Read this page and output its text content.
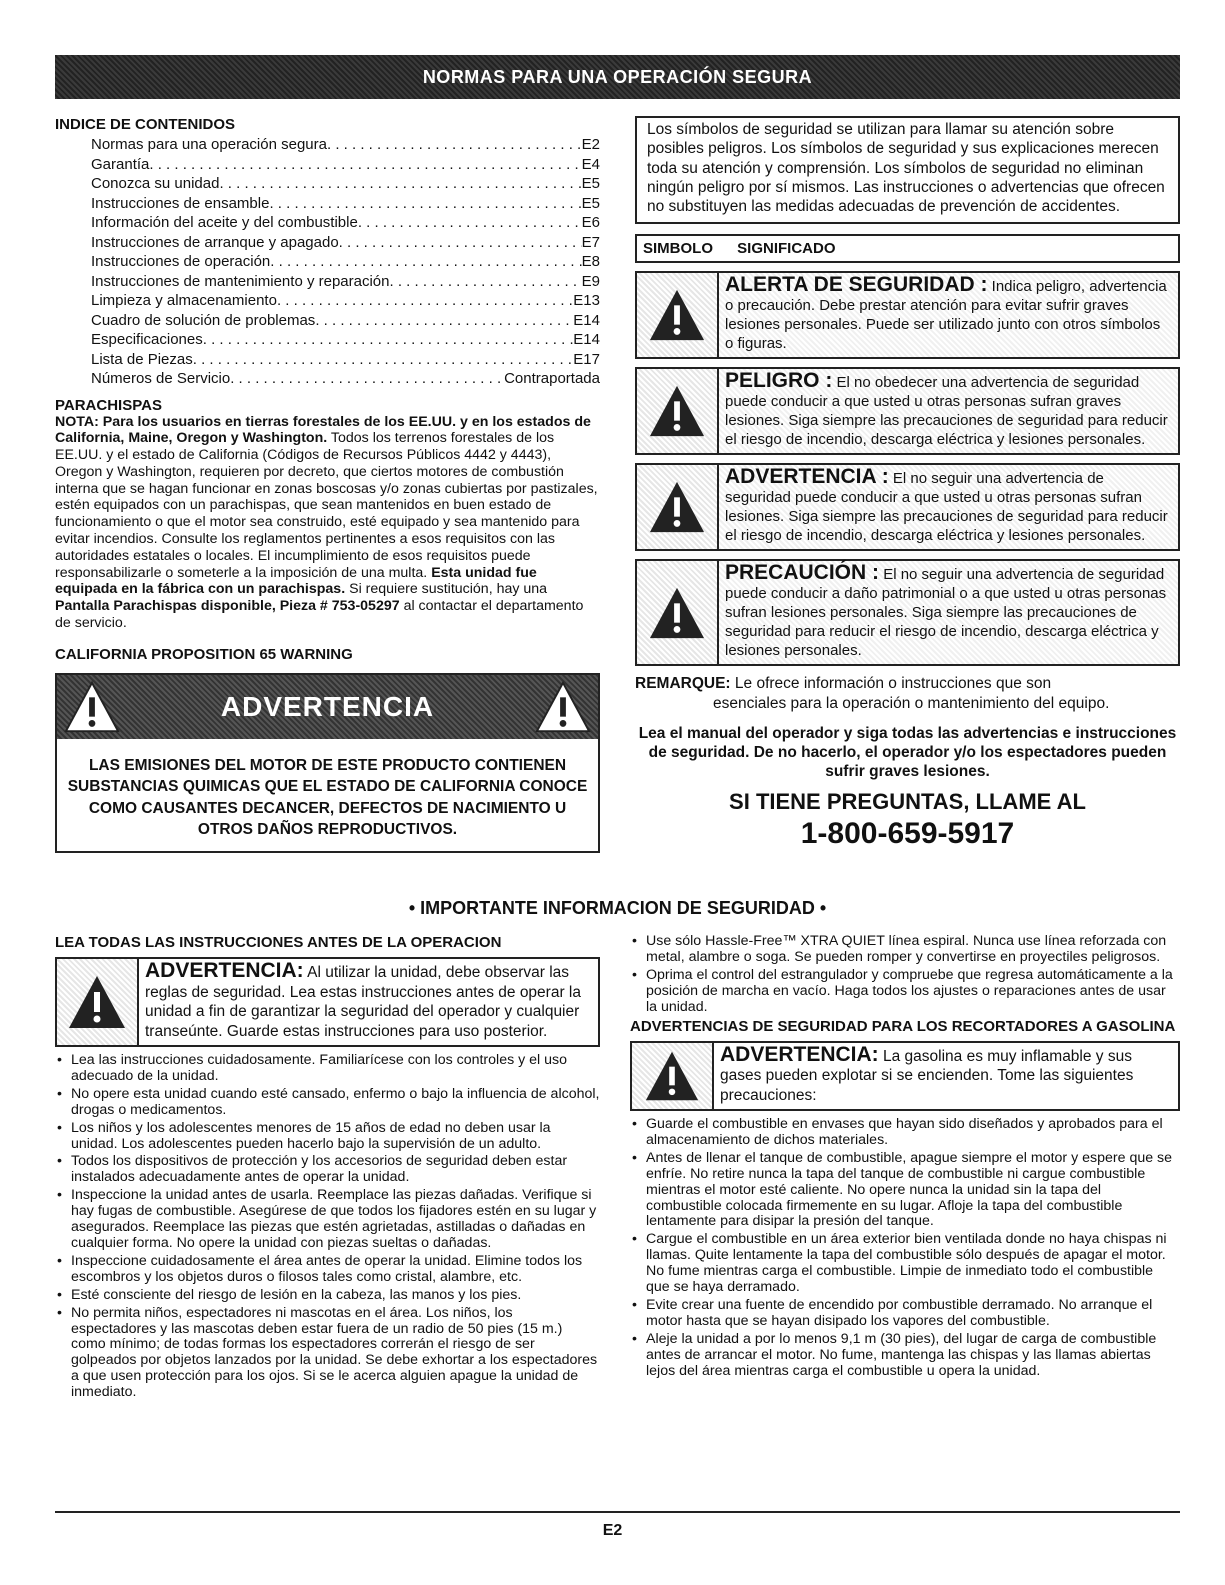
NORMAS PARA UNA OPERACIÓN SEGURA
INDICE DE CONTENIDOS
Normas para una operación segura . . .	E2
Garantía . . .	E4
Conozca su unidad . . .	E5
Instrucciones de ensamble . . .	E5
Información del aceite y del combustible . . .	E6
Instrucciones de arranque y apagado . . .	E7
Instrucciones de operación . . .	E8
Instrucciones de mantenimiento y reparación . . .	E9
Limpieza y almacenamiento . . .	E13
Cuadro de solución de problemas . . .	E14
Especificaciones . . .	E14
Lista de Piezas . . .	E17
Números de Servicio . . .	Contraportada
PARACHISPAS

NOTA: Para los usuarios en tierras forestales de los EE.UU. y en los estados de California, Maine, Oregon y Washington. Todos los terrenos forestales de los EE.UU. y el estado de California (Códigos de Recursos Públicos 4442 y 4443), Oregon y Washington, requieren por decreto, que ciertos motores de combustión interna que se hagan funcionar en zonas boscosas y/o zonas cubiertas por pastizales, estén equipados con un parachispas, que sean mantenidos en buen estado de funcionamiento o que el motor sea construido, esté equipado y sea mantenido para evitar incendios. Consulte los reglamentos pertinentes a esos requisitos con las autoridades estatales o locales. El incumplimiento de esos requisitos puede responsabilizarle o someterle a la imposición de una multa. Esta unidad fue equipada en la fábrica con un parachispas. Si requiere sustitución, hay una Pantalla Parachispas disponible, Pieza # 753-05297 al contactar el departamento de servicio.

CALIFORNIA PROPOSITION 65 WARNING
ADVERTENCIA
LAS EMISIONES DEL MOTOR DE ESTE PRODUCTO CONTIENEN SUBSTANCIAS QUIMICAS QUE EL ESTADO DE CALIFORNIA CONOCE COMO CAUSANTES DECANCER, DEFECTOS DE NACIMIENTO U OTROS DAÑOS REPRODUCTIVOS.
Los símbolos de seguridad se utilizan para llamar su atención sobre posibles peligros. Los símbolos de seguridad y sus explicaciones merecen toda su atención y comprensión. Los símbolos de seguridad no eliminan ningún peligro por sí mismos. Las instrucciones o advertencias que ofrecen no substituyen las medidas adecuadas de prevención de accidentes.
SIMBOLO SIGNIFICADO
ALERTA DE SEGURIDAD : Indica peligro, advertencia o precaución. Debe prestar atención para evitar sufrir graves lesiones personales. Puede ser utilizado junto con otros símbolos o figuras.
PELIGRO : El no obedecer una advertencia de seguridad puede conducir a que usted u otras personas sufran graves lesiones. Siga siempre las precauciones de seguridad para reducir el riesgo de incendio, descarga eléctrica y lesiones personales.
ADVERTENCIA : El no seguir una advertencia de seguridad puede conducir a que usted u otras personas sufran lesiones. Siga siempre las precauciones de seguridad para reducir el riesgo de incendio, descarga eléctrica y lesiones personales.
PRECAUCIÓN : El no seguir una advertencia de seguridad puede conducir a daño patrimonial o a que usted u otras personas sufran lesiones personales. Siga siempre las precauciones de seguridad para reducir el riesgo de incendio, descarga eléctrica y lesiones personales.
REMARQUE: Le ofrece información o instrucciones que son
esenciales para la operación o mantenimiento del equipo.
Lea el manual del operador y siga todas las advertencias e instrucciones de seguridad. De no hacerlo, el operador y/o los espectadores pueden sufrir graves lesiones.
SI TIENE PREGUNTAS, LLAME AL
1-800-659-5917
• IMPORTANTE INFORMACION DE SEGURIDAD •
LEA TODAS LAS INSTRUCCIONES ANTES DE LA OPERACION
ADVERTENCIA: Al utilizar la unidad, debe observar las reglas de seguridad. Lea estas instrucciones antes de operar la unidad a fin de garantizar la seguridad del operador y cualquier transeúnte. Guarde estas instrucciones para uso posterior.
• Lea las instrucciones cuidadosamente. Familiarícese con los controles y el uso adecuado de la unidad.
• No opere esta unidad cuando esté cansado, enfermo o bajo la influencia de alcohol, drogas o medicamentos.
• Los niños y los adolescentes menores de 15 años de edad no deben usar la unidad. Los adolescentes pueden hacerlo bajo la supervisión de un adulto.
• Todos los dispositivos de protección y los accesorios de seguridad deben estar instalados adecuadamente antes de operar la unidad.
• Inspeccione la unidad antes de usarla. Reemplace las piezas dañadas. Verifique si hay fugas de combustible. Asegúrese de que todos los fijadores estén en su lugar y asegurados. Reemplace las piezas que estén agrietadas, astilladas o dañadas en cualquier forma. No opere la unidad con piezas sueltas o dañadas.
• Inspeccione cuidadosamente el área antes de operar la unidad. Elimine todos los escombros y los objetos duros o filosos tales como cristal, alambre, etc.
• Esté consciente del riesgo de lesión en la cabeza, las manos y los pies.
• No permita niños, espectadores ni mascotas en el área. Los niños, los espectadores y las mascotas deben estar fuera de un radio de 50 pies (15 m.) como mínimo; de todas formas los espectadores correrán el riesgo de ser golpeados por objetos lanzados por la unidad. Se debe exhortar a los espectadores a que usen protección para los ojos. Si se le acerca alguien apague la unidad de inmediato.
• Use sólo Hassle-Free™ XTRA QUIET línea espiral. Nunca use línea reforzada con metal, alambre o soga. Se pueden romper y convertirse en proyectiles peligrosos.
• Oprima el control del estrangulador y compruebe que regresa automáticamente a la posición de marcha en vacío. Haga todos los ajustes o reparaciones antes de usar la unidad.
ADVERTENCIAS DE SEGURIDAD PARA LOS RECORTADORES A GASOLINA
ADVERTENCIA: La gasolina es muy inflamable y sus gases pueden explotar si se encienden. Tome las siguientes precauciones:
• Guarde el combustible en envases que hayan sido diseñados y aprobados para el almacenamiento de dichos materiales.
• Antes de llenar el tanque de combustible, apague siempre el motor y espere que se enfríe. No retire nunca la tapa del tanque de combustible ni cargue combustible mientras el motor esté caliente. No opere nunca la unidad sin la tapa del combustible colocada firmemente en su lugar. Afloje la tapa del combustible lentamente para disipar la presión del tanque.
• Cargue el combustible en un área exterior bien ventilada donde no haya chispas ni llamas. Quite lentamente la tapa del combustible sólo después de apagar el motor. No fume mientras carga el combustible. Limpie de inmediato todo el combustible que se haya derramado.
• Evite crear una fuente de encendido por combustible derramado. No arranque el motor hasta que se hayan disipado los vapores del combustible.
• Aleje la unidad a por lo menos 9,1 m (30 pies), del lugar de carga de combustible antes de arrancar el motor. No fume, mantenga las chispas y las llamas abiertas lejos del área mientras carga el combustible u opera la unidad.
E2
